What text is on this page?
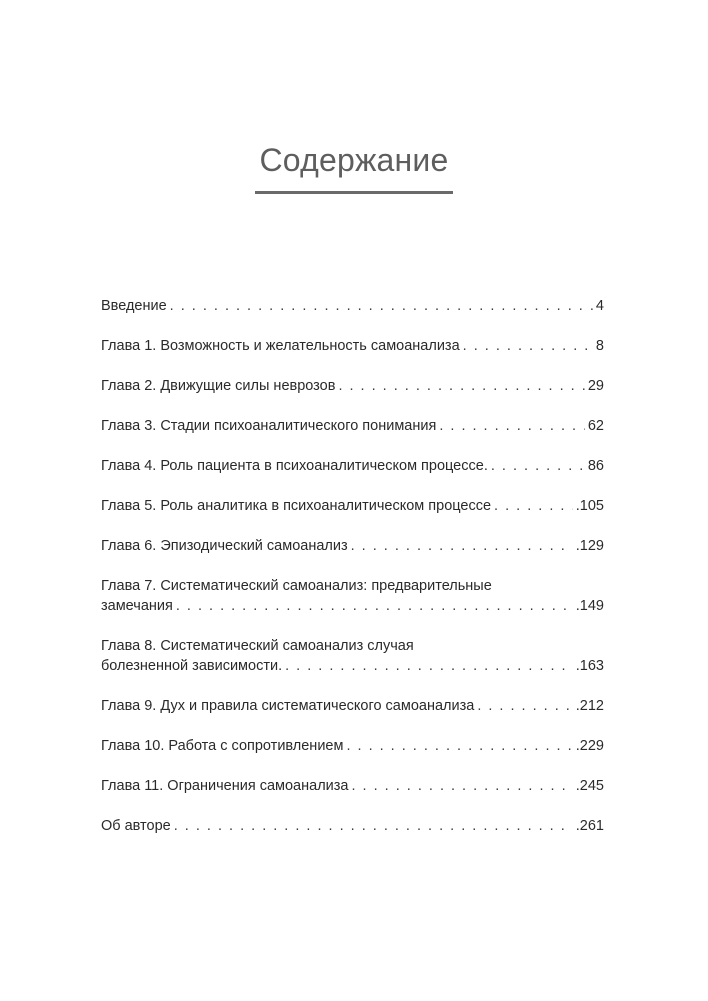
Содержание
Введение . . .	4
Глава 1. Возможность и желательность самоанализа . . .	8
Глава 2. Движущие силы неврозов . . .	29
Глава 3. Стадии психоаналитического понимания . . .	62
Глава 4. Роль пациента в психоаналитическом процессе. . . .	86
Глава 5. Роль аналитика в психоаналитическом процессе . . .	.105
Глава 6. Эпизодический самоанализ . . .	.129
Глава 7. Систематический самоанализ: предварительные
замечания . . .	.149
Глава 8. Систематический самоанализ случая
болезненной зависимости. . . .	.163
Глава 9. Дух и правила систематического самоанализа . . .	.212
Глава 10. Работа с сопротивлением . . .	.229
Глава 11. Ограничения самоанализа . . .	.245
Об авторе . . .	.261
